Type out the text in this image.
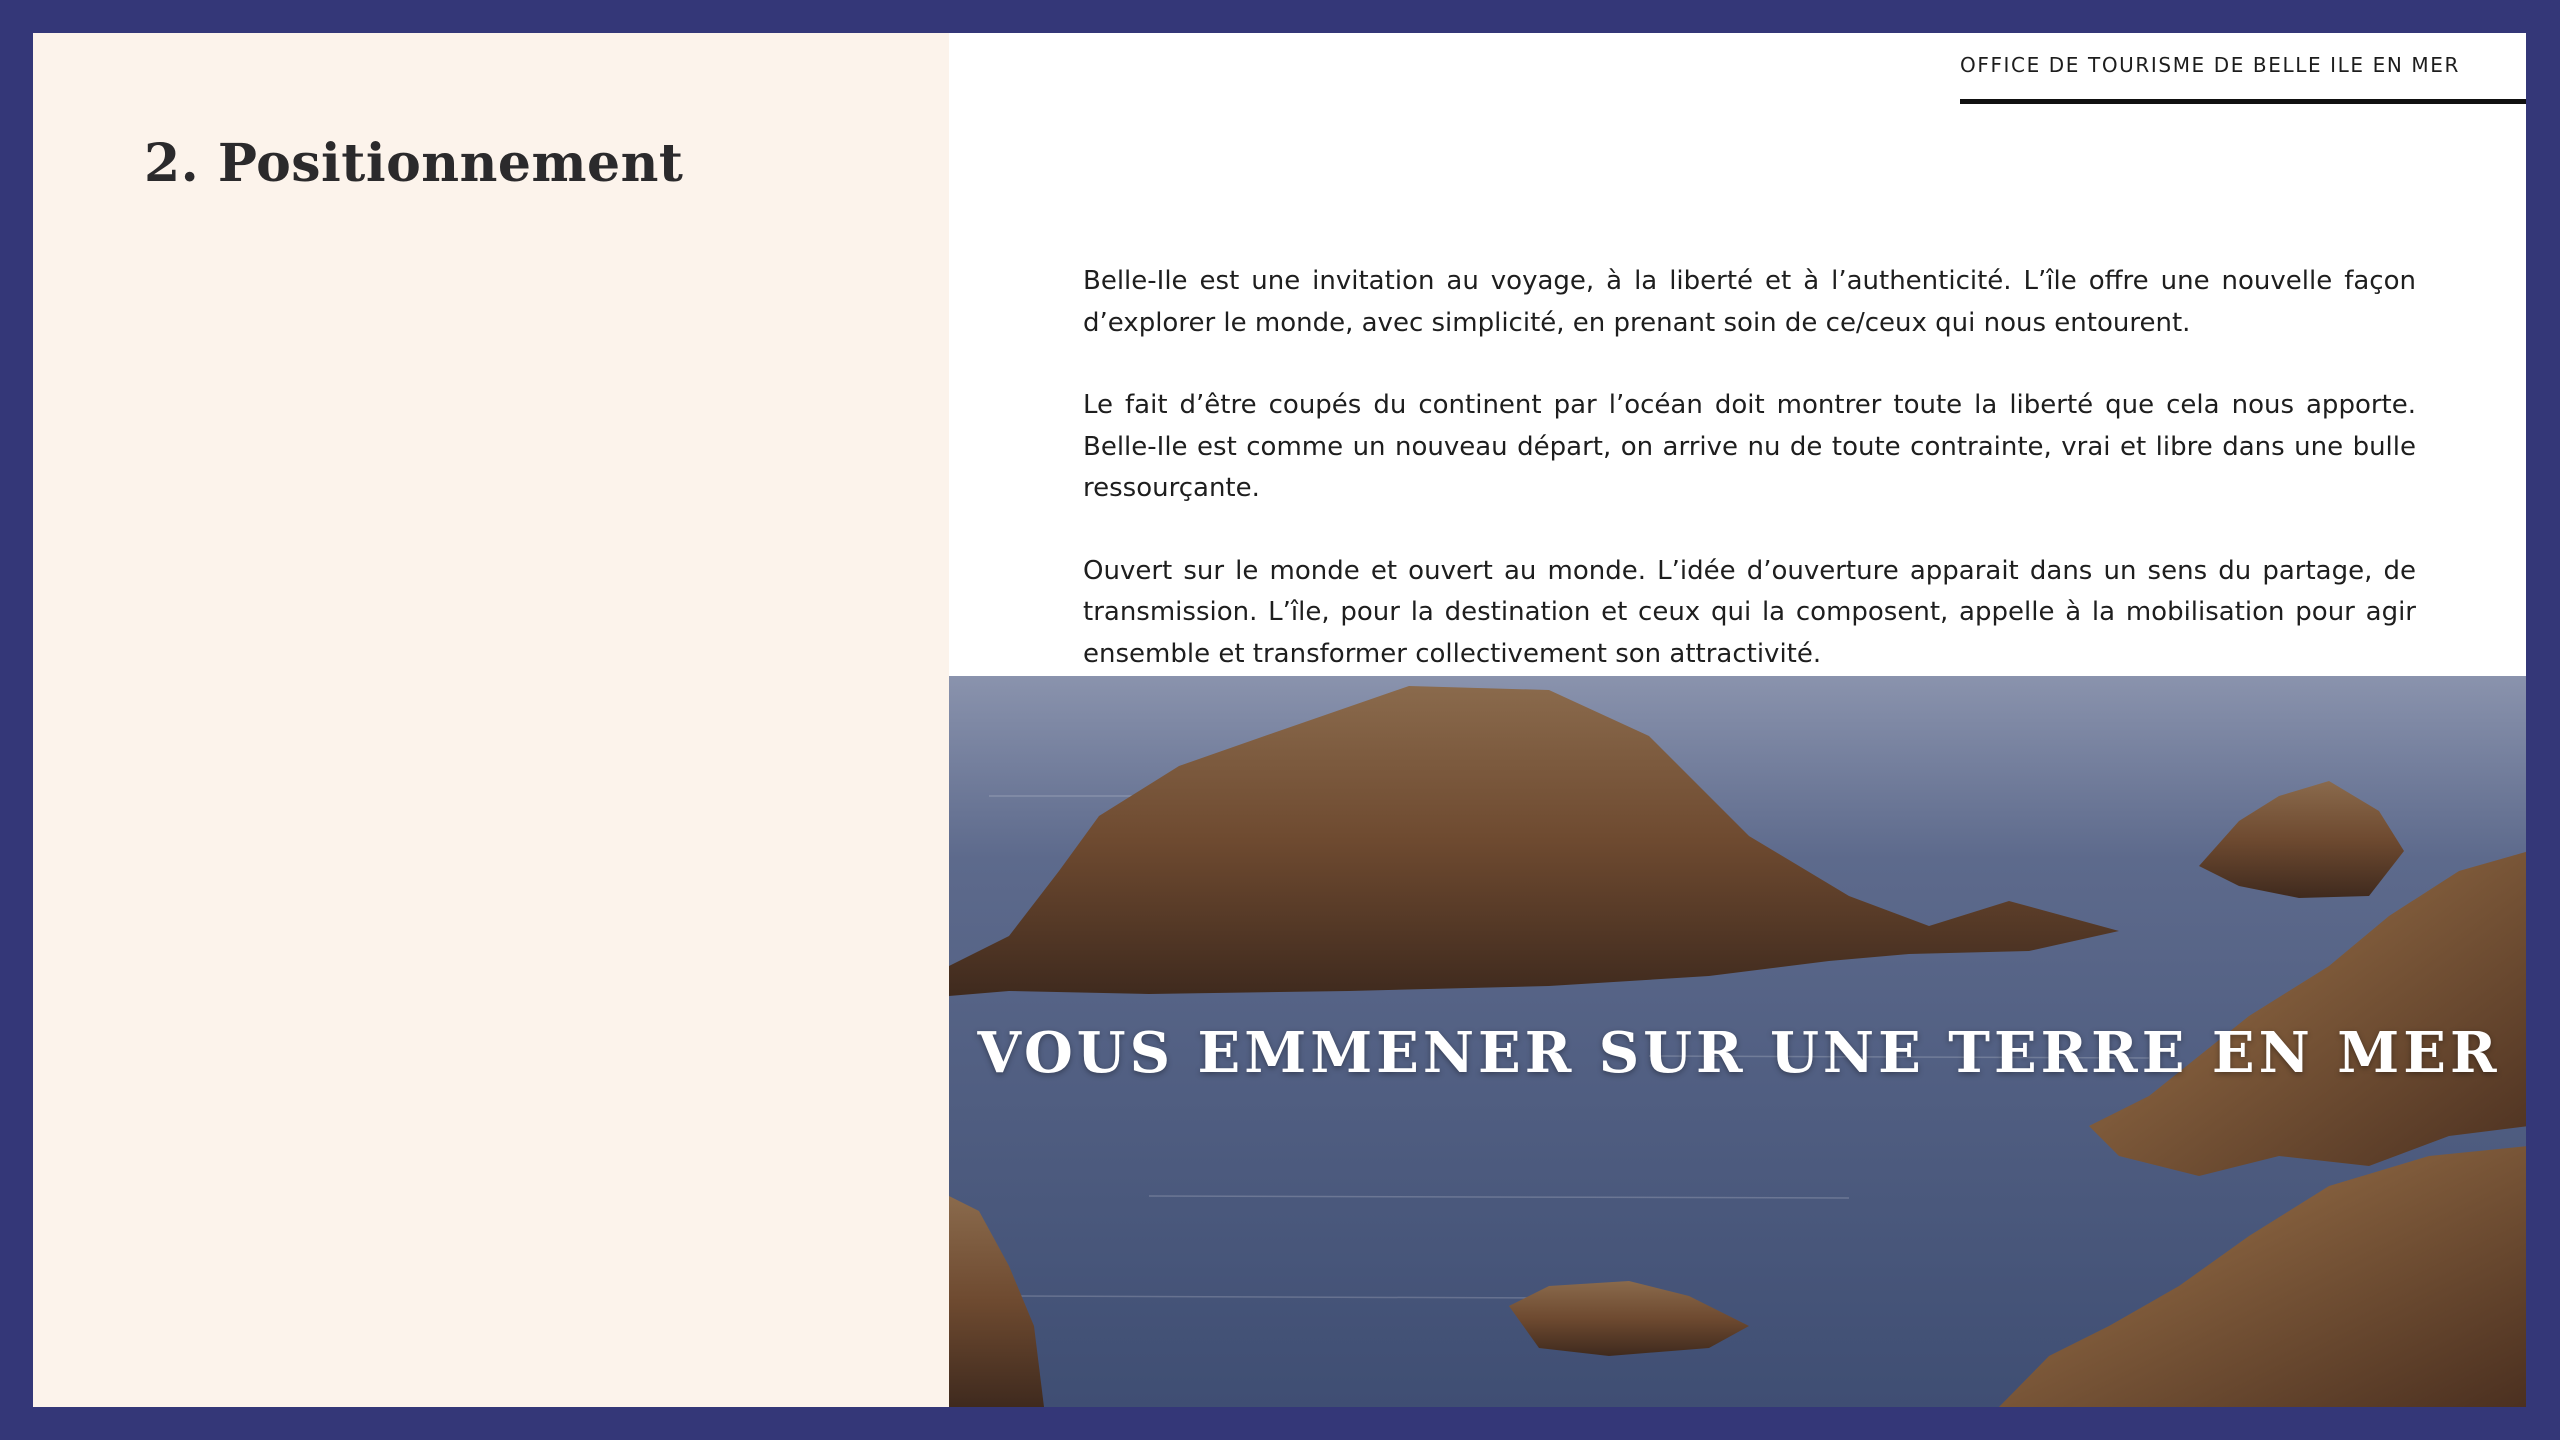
2. Positionnement
OFFICE DE TOURISME DE BELLE ILE EN MER

Belle-Ile est une invitation au voyage, à la liberté et à l’authenticité. L’île offre une nouvelle façon d’explorer le monde, avec simplicité, en prenant soin de ce/ceux qui nous entourent.

Le fait d’être coupés du continent par l’océan doit montrer toute la liberté que cela nous apporte. Belle-Ile est comme un nouveau départ, on arrive nu de toute contrainte, vrai et libre dans une bulle ressourçante.

Ouvert sur le monde et ouvert au monde. L’idée d’ouverture apparait dans un sens du partage, de transmission. L’île, pour la destination et ceux qui la composent, appelle à la mobilisation pour agir ensemble et transformer collectivement son attractivité.

VOUS EMMENER SUR UNE TERRE EN MER
